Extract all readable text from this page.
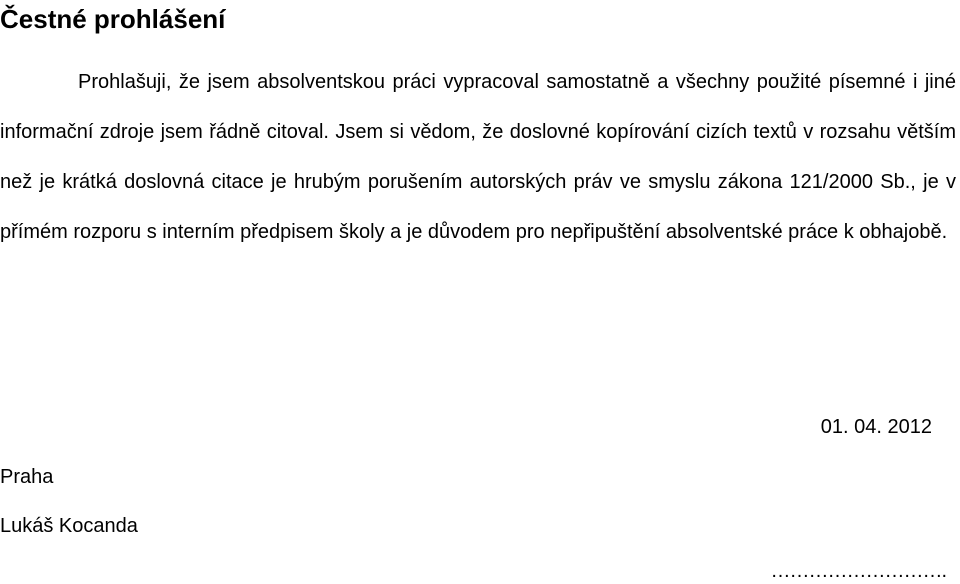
Čestné prohlášení

Prohlašuji, že jsem absolventskou práci vypracoval samostatně a všechny použité písemné i jiné informační zdroje jsem řádně citoval. Jsem si vědom, že doslovné kopírování cizích textů v rozsahu větším než je krátká doslovná citace je hrubým porušením autorských práv ve smyslu zákona 121/2000 Sb., je v přímém rozporu s interním předpisem školy a je důvodem pro nepřipuštění absolventské práce k obhajobě.

01. 04. 2012
Praha
Lukáš Kocanda
……………………….
